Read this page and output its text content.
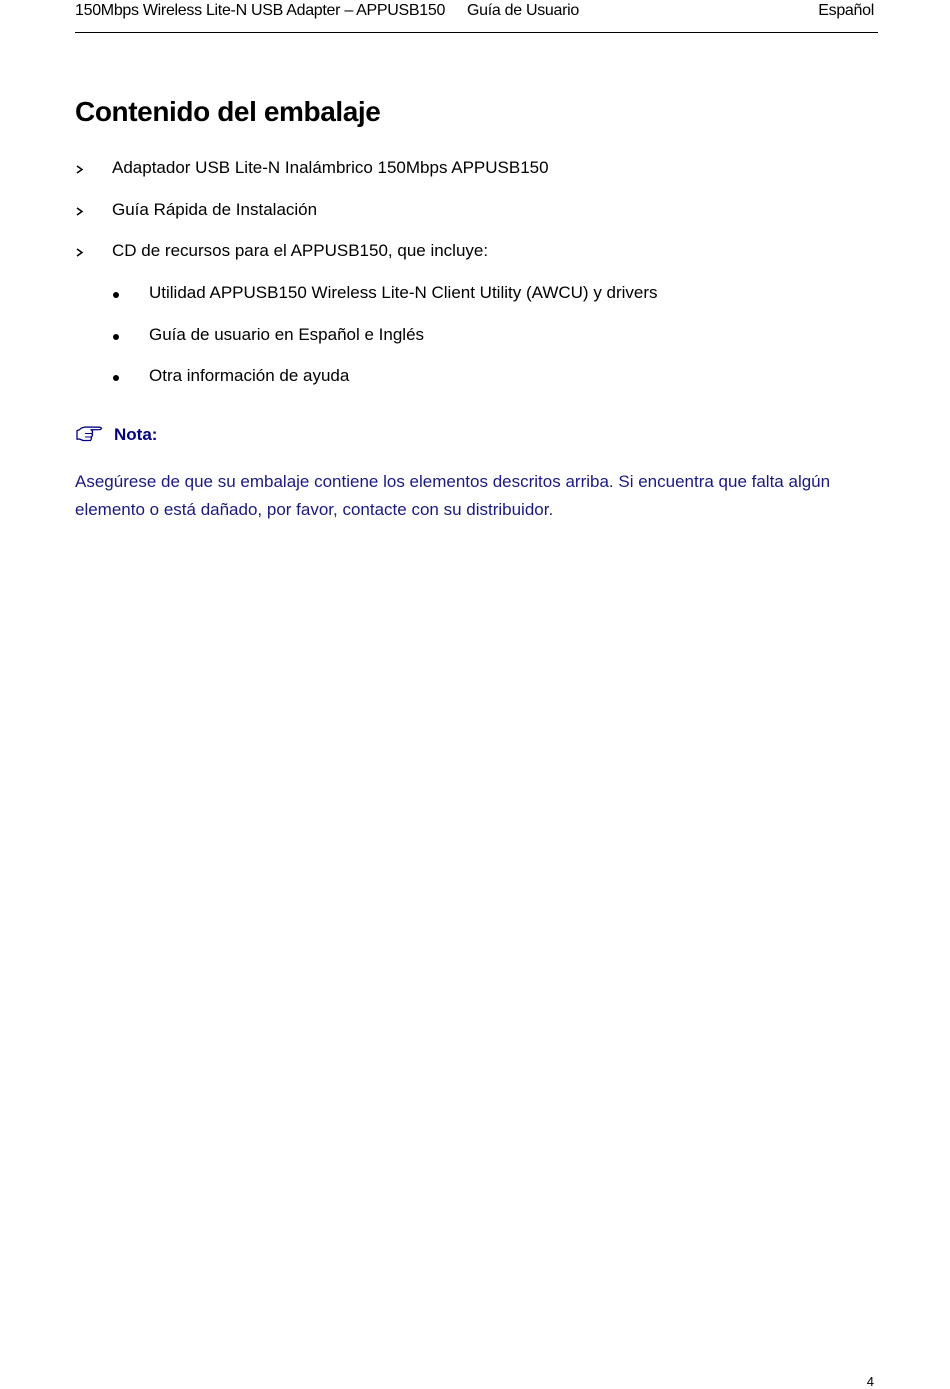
150Mbps Wireless Lite-N USB Adapter – APPUSB150 Guía de Usuario	Español
Contenido del embalaje
Adaptador USB Lite-N Inalámbrico 150Mbps APPUSB150
Guía Rápida de Instalación
CD de recursos para el APPUSB150, que incluye:
Utilidad APPUSB150 Wireless Lite-N Client Utility (AWCU) y drivers
Guía de usuario en Español e Inglés
Otra información de ayuda
Nota:

Asegúrese de que su embalaje contiene los elementos descritos arriba. Si encuentra que falta algún elemento o está dañado, por favor, contacte con su distribuidor.

4
